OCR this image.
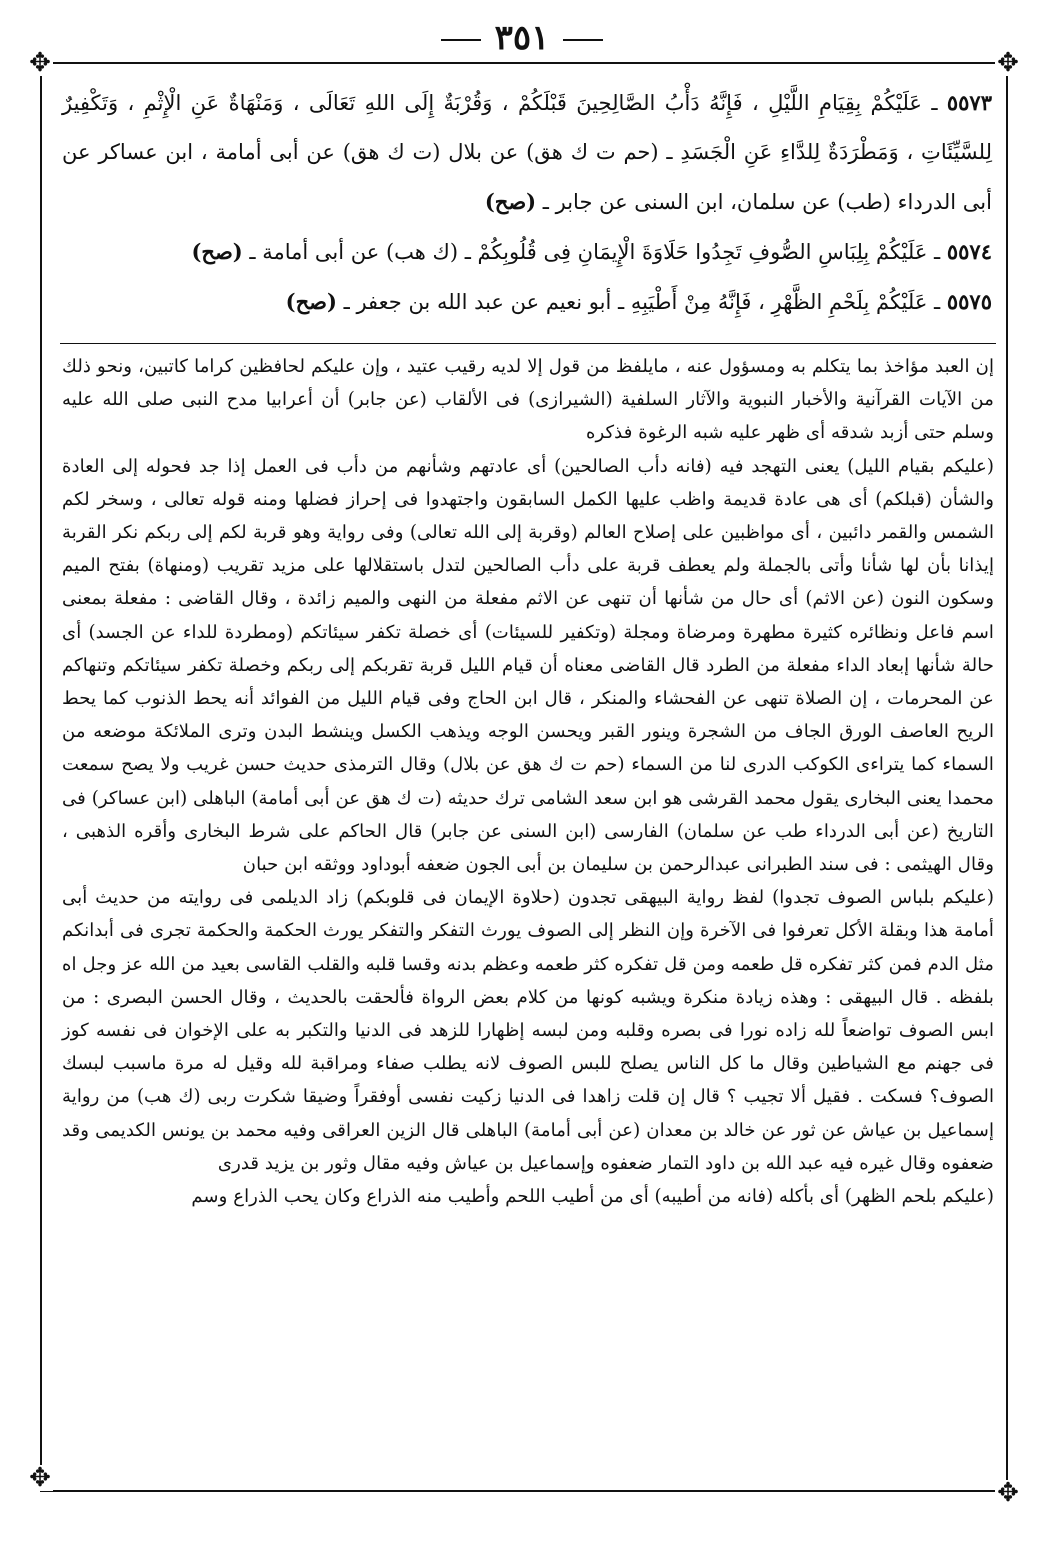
٣٥١
✥	✥
✥	✥

٥٥٧٣ ـ عَلَيْكُمْ بِقِيَامِ اللَّيْلِ ، فَإِنَّهُ دَأْبُ الصَّالِحِينَ قَبْلَكُمْ ، وَقُرْبَةٌ إِلَى اللهِ تَعَالَى ، وَمَنْهَاةٌ عَنِ الْإِثْمِ ، وَتَكْفِيرٌ لِلسَّيِّئَاتِ ، وَمَطْرَدَةٌ لِلدَّاءِ عَنِ الْجَسَدِ ـ (حم ت ك هق) عن بلال (ت ك هق) عن أبى أمامة ، ابن عساكر عن أبى الدرداء (طب) عن سلمان، ابن السنى عن جابر ـ (صح)

٥٥٧٤ ـ عَلَيْكُمْ بِلِبَاسِ الصُّوفِ تَجِدُوا حَلَاوَةَ الْإِيمَانِ فِى قُلُوبِكُمْ ـ (ك هب) عن أبى أمامة ـ (صح)

٥٥٧٥ ـ عَلَيْكُمْ بِلَحْمِ الظَّهْرِ ، فَإِنَّهُ مِنْ أَطْيَبِهِ ـ أبو نعيم عن عبد الله بن جعفر ـ (صح)

إن العبد مؤاخذ بما يتكلم به ومسؤول عنه ، مايلفظ من قول إلا لديه رقيب عتيد ، وإن عليكم لحافظين كراما كاتبين، ونحو ذلك من الآيات القرآنية والأخبار النبوية والآثار السلفية (الشيرازى) فى الألقاب (عن جابر) أن أعرابيا مدح النبى صلى الله عليه وسلم حتى أزبد شدقه أى ظهر عليه شبه الرغوة فذكره

(عليكم بقيام الليل) يعنى التهجد فيه (فانه دأب الصالحين) أى عادتهم وشأنهم من دأب فى العمل إذا جد فحوله إلى العادة والشأن (قبلكم) أى هى عادة قديمة واظب عليها الكمل السابقون واجتهدوا فى إحراز فضلها ومنه قوله تعالى ، وسخر لكم الشمس والقمر دائبين ، أى مواظبين على إصلاح العالم (وقربة إلى الله تعالى) وفى رواية وهو قربة لكم إلى ربكم نكر القربة إيذانا بأن لها شأنا وأتى بالجملة ولم يعطف قربة على دأب الصالحين لتدل باستقلالها على مزيد تقريب (ومنهاة) بفتح الميم وسكون النون (عن الاثم) أى حال من شأنها أن تنهى عن الاثم مفعلة من النهى والميم زائدة ، وقال القاضى : مفعلة بمعنى اسم فاعل ونظائره كثيرة مطهرة ومرضاة ومجلة (وتكفير للسيئات) أى خصلة تكفر سيئاتكم (ومطردة للداء عن الجسد) أى حالة شأنها إبعاد الداء مفعلة من الطرد قال القاضى معناه أن قيام الليل قربة تقربكم إلى ربكم وخصلة تكفر سيئاتكم وتنهاكم عن المحرمات ، إن الصلاة تنهى عن الفحشاء والمنكر ، قال ابن الحاج وفى قيام الليل من الفوائد أنه يحط الذنوب كما يحط الريح العاصف الورق الجاف من الشجرة وينور القبر ويحسن الوجه ويذهب الكسل وينشط البدن وترى الملائكة موضعه من السماء كما يتراءى الكوكب الدرى لنا من السماء (حم ت ك هق عن بلال) وقال الترمذى حديث حسن غريب ولا يصح سمعت محمدا يعنى البخارى يقول محمد القرشى هو ابن سعد الشامى ترك حديثه (ت ك هق عن أبى أمامة) الباهلى (ابن عساكر) فى التاريخ (عن أبى الدرداء طب عن سلمان) الفارسى (ابن السنى عن جابر) قال الحاكم على شرط البخارى وأقره الذهبى ، وقال الهيثمى : فى سند الطبرانى عبدالرحمن بن سليمان بن أبى الجون ضعفه أبوداود ووثقه ابن حبان

(عليكم بلباس الصوف تجدوا) لفظ رواية البيهقى تجدون (حلاوة الإيمان فى قلوبكم) زاد الديلمى فى روايته من حديث أبى أمامة هذا وبقلة الأكل تعرفوا فى الآخرة وإن النظر إلى الصوف يورث التفكر والتفكر يورث الحكمة والحكمة تجرى فى أبدانكم مثل الدم فمن كثر تفكره قل طعمه ومن قل تفكره كثر طعمه وعظم بدنه وقسا قلبه والقلب القاسى بعيد من الله عز وجل اه بلفظه . قال البيهقى : وهذه زيادة منكرة ويشبه كونها من كلام بعض الرواة فألحقت بالحديث ، وقال الحسن البصرى : من ابس الصوف تواضعاً لله زاده نورا فى بصره وقلبه ومن لبسه إظهارا للزهد فى الدنيا والتكبر به على الإخوان فى نفسه كوز فى جهنم مع الشياطين وقال ما كل الناس يصلح للبس الصوف لانه يطلب صفاء ومراقبة لله وقيل له مرة ماسبب لبسك الصوف؟ فسكت . فقيل ألا تجيب ؟ قال إن قلت زاهدا فى الدنيا زكيت نفسى أوفقراً وضيقا شكرت ربى (ك هب) من رواية إسماعيل بن عياش عن ثور عن خالد بن معدان (عن أبى أمامة) الباهلى قال الزين العراقى وفيه محمد بن يونس الكديمى وقد ضعفوه وقال غيره فيه عبد الله بن داود التمار ضعفوه وإسماعيل بن عياش وفيه مقال وثور بن يزيد قدرى

(عليكم بلحم الظهر) أى بأكله (فانه من أطيبه) أى من أطيب اللحم وأطيب منه الذراع وكان يحب الذراع وسم
